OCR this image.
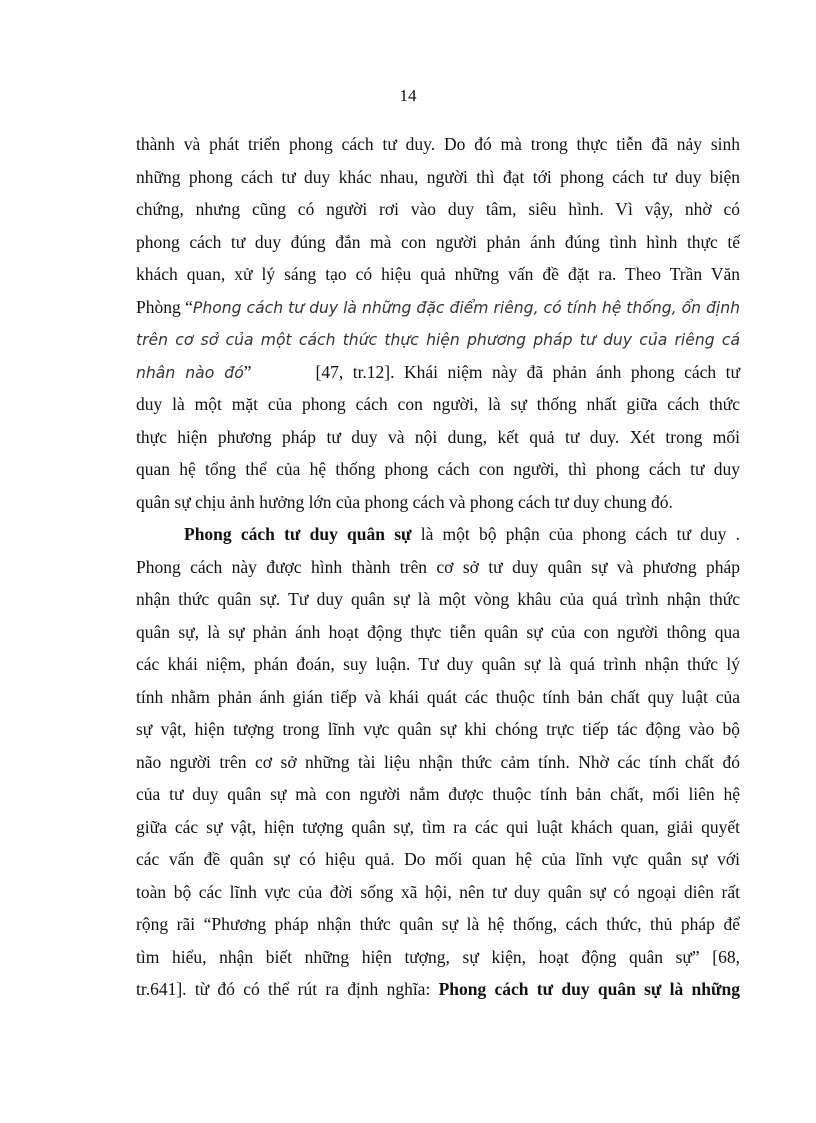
14
thành và phát triển phong cách tư duy. Do đó mà trong thực tiễn đã nảy sinh
những phong cách tư duy khác nhau, người thì đạt tới phong cách tư duy biện
chứng, nhưng cũng có người rơi vào duy tâm, siêu hình. Vì vậy, nhờ có
phong cách tư duy đúng đắn mà con người phản ánh đúng tình hình thực tế
khách quan, xử lý sáng tạo có hiệu quả những vấn đề đặt ra. Theo Trần Văn
Phòng “Phong cách tư duy là những đặc điểm riêng, có tính hệ thống, ổn định
trên cơ sở của một cách thức thực hiện phương pháp tư duy của riêng cá
nhân nào đó”	[47, tr.12]. Khái niệm này đã phản ánh phong cách tư
duy là một mặt của phong cách con người, là sự thống nhất giữa cách thức
thực hiện phương pháp tư duy và nội dung, kết quả tư duy. Xét trong mối
quan hệ tổng thể của hệ thống phong cách con người, thì phong cách tư duy
quân sự chịu ảnh hưởng lớn của phong cách và phong cách tư duy chung đó.
Phong cách tư duy quân sự là một bộ phận của phong cách tư duy .
Phong cách này được hình thành trên cơ sở tư duy quân sự và phương pháp
nhận thức quân sự. Tư duy quân sự là một vòng khâu của quá trình nhận thức
quân sự, là sự phản ánh hoạt động thực tiễn quân sự của con người thông qua
các khái niệm, phán đoán, suy luận. Tư duy quân sự là quá trình nhận thức lý
tính nhằm phản ánh gián tiếp và khái quát các thuộc tính bản chất quy luật của
sự vật, hiện tượng trong lĩnh vực quân sự khi chóng trực tiếp tác động vào bộ
não người trên cơ sở những tài liệu nhận thức cảm tính. Nhờ các tính chất đó
của tư duy quân sự mà con người nắm được thuộc tính bản chất, mối liên hệ
giữa các sự vật, hiện tượng quân sự, tìm ra các qui luật khách quan, giải quyết
các vấn đề quân sự có hiệu quả. Do mối quan hệ của lĩnh vực quân sự với
toàn bộ các lĩnh vực của đời sống xã hội, nên tư duy quân sự có ngoại diên rất
rộng rãi “Phương pháp nhận thức quân sự là hệ thống, cách thức, thủ pháp để
tìm hiểu, nhận biết những hiện tượng, sự kiện, hoạt động quân sự” [68,
tr.641]. từ đó có thể rút ra định nghĩa: Phong cách tư duy quân sự là những
